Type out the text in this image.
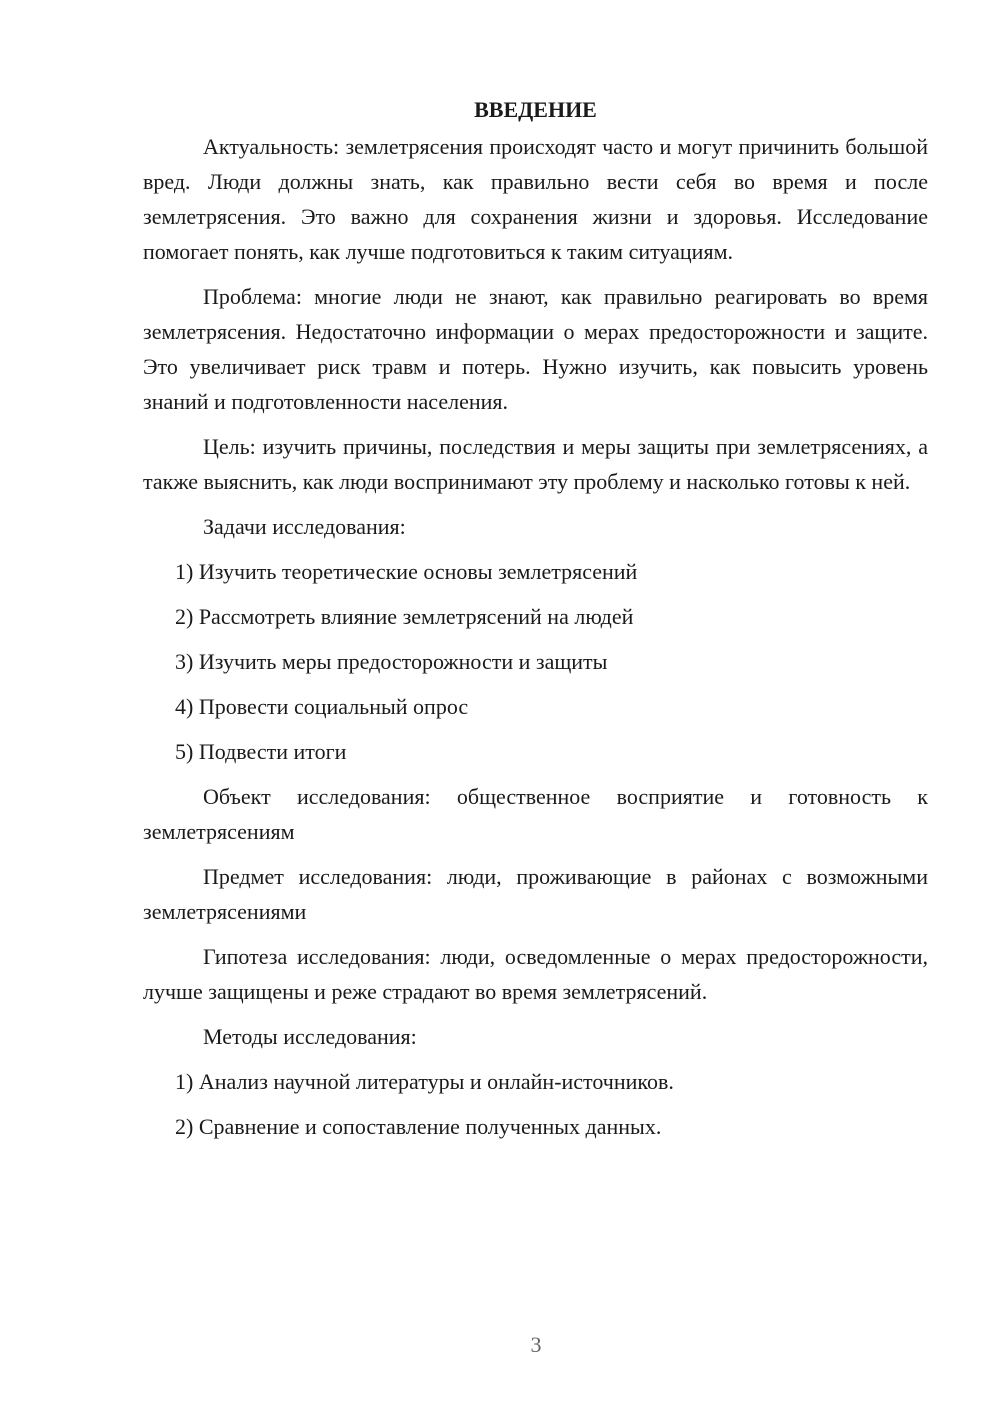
ВВЕДЕНИЕ

Актуальность: землетрясения происходят часто и могут причинить большой вред. Люди должны знать, как правильно вести себя во время и после землетрясения. Это важно для сохранения жизни и здоровья. Исследование помогает понять, как лучше подготовиться к таким ситуациям.

Проблема: многие люди не знают, как правильно реагировать во время землетрясения. Недостаточно информации о мерах предосторожности и защите. Это увеличивает риск травм и потерь. Нужно изучить, как повысить уровень знаний и подготовленности населения.

Цель: изучить причины, последствия и меры защиты при землетрясениях, а также выяснить, как люди воспринимают эту проблему и насколько готовы к ней.

Задачи исследования:

1) Изучить теоретические основы землетрясений

2) Рассмотреть влияние землетрясений на людей

3) Изучить меры предосторожности и защиты

4) Провести социальный опрос

5) Подвести итоги

Объект исследования: общественное восприятие и готовность к землетрясениям

Предмет исследования: люди, проживающие в районах с возможными землетрясениями

Гипотеза исследования: люди, осведомленные о мерах предосторожности, лучше защищены и реже страдают во время землетрясений.

Методы исследования:

1) Анализ научной литературы и онлайн-источников.

2) Сравнение и сопоставление полученных данных.

3
